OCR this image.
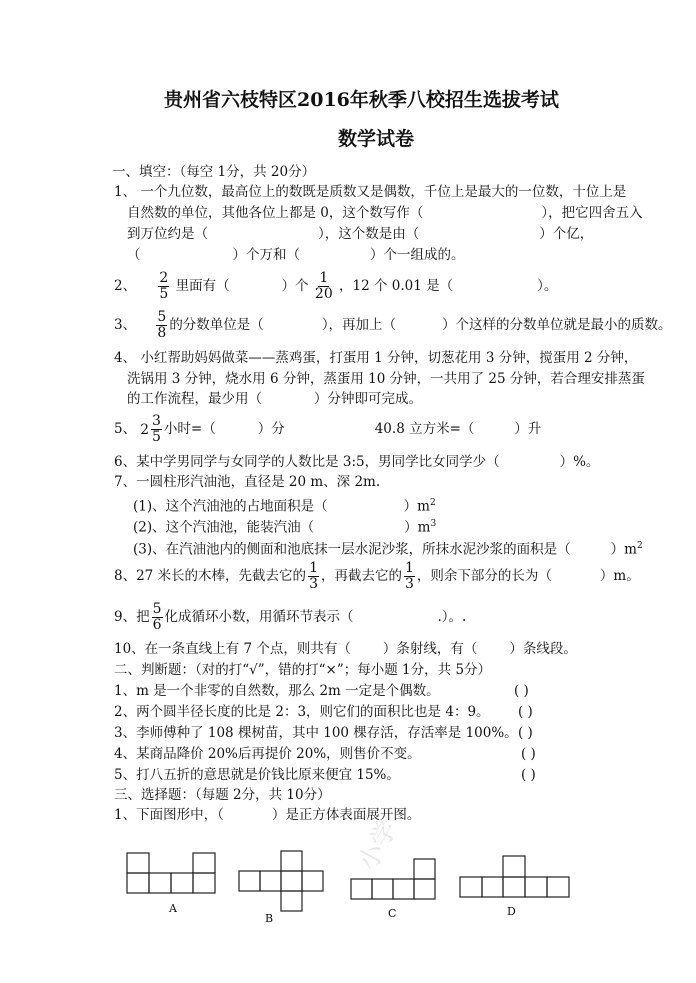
贵州省六枝特区2016年秋季八校招生选拔考试
数学试卷
一、填空：（每空 1分，共 20分）
1、 一个九位数，最高位上的数既是质数又是偶数，千位上是最大的一位数，十位上是
自然数的单位，其他各位上都是 0，这个数写作（	），把它四舍五入
到万位约是（	），这个数是由（	）个亿，
（	）个万和（	）个一组成的。
2、 $\frac{2}{5}$ 里面有（	）个 $\frac{1}{20}$ ，12 个 0.01 是（	）。
3、 $\frac{5}{8}$ 的分数单位是（	），再加上（	）个这样的分数单位就是最小的质数。
4、 小红帮助妈妈做菜——蒸鸡蛋，打蛋用 1 分钟，切葱花用 3 分钟，搅蛋用 2 分钟，
洗锅用 3 分钟，烧水用 6 分钟，蒸蛋用 10 分钟，一共用了 25 分钟，若合理安排蒸蛋
的工作流程，最少用（	）分钟即可完成。
5、 $2 \frac{3}{5}$ 小时=（	）分	40.8 立方米=（	）升
6、某中学男同学与女同学的人数比是 3:5，男同学比女同学少（	）%。
7、一圆柱形汽油池，直径是 20 m、深 2m.
(1)、这个汽油池的占地面积是（	）$m^2$
(2)、这个汽油池，能装汽油（	）$m^3$
(3)、在汽油池内的侧面和池底抹一层水泥沙浆，所抹水泥沙浆的面积是（	）$m^2$
8、27 米长的木棒，先截去它的 $\frac{1}{3}$ ，再截去它的 $\frac{1}{3}$ ，则余下部分的长为（	）m。
9、把 $\frac{5}{6}$ 化成循环小数，用循环节表示（	.）。.
10、在一条直线上有 7 个点，则共有（ ）条射线，有（ ）条线段。
二、判断题：（对的打“√”，错的打“×”；每小题 1分，共 5分）
1、m 是一个非零的自然数，那么 2m 一定是个偶数。	( )
2、两个圆半径长度的比是 2：3，则它们的面积比也是 4：9。 ( )
3、李师傅种了 108 棵树苗，其中 100 棵存活，存活率是 100%。 ( )
4、某商品降价 20%后再提价 20%，则售价不变。	( )
5、打八五折的意思就是价钱比原来便宜 15%。	( )
三、选择题：（每题 2分，共 10分）
1、下面图形中，（	）是正方体表面展开图。
小学
A
B	C	D
